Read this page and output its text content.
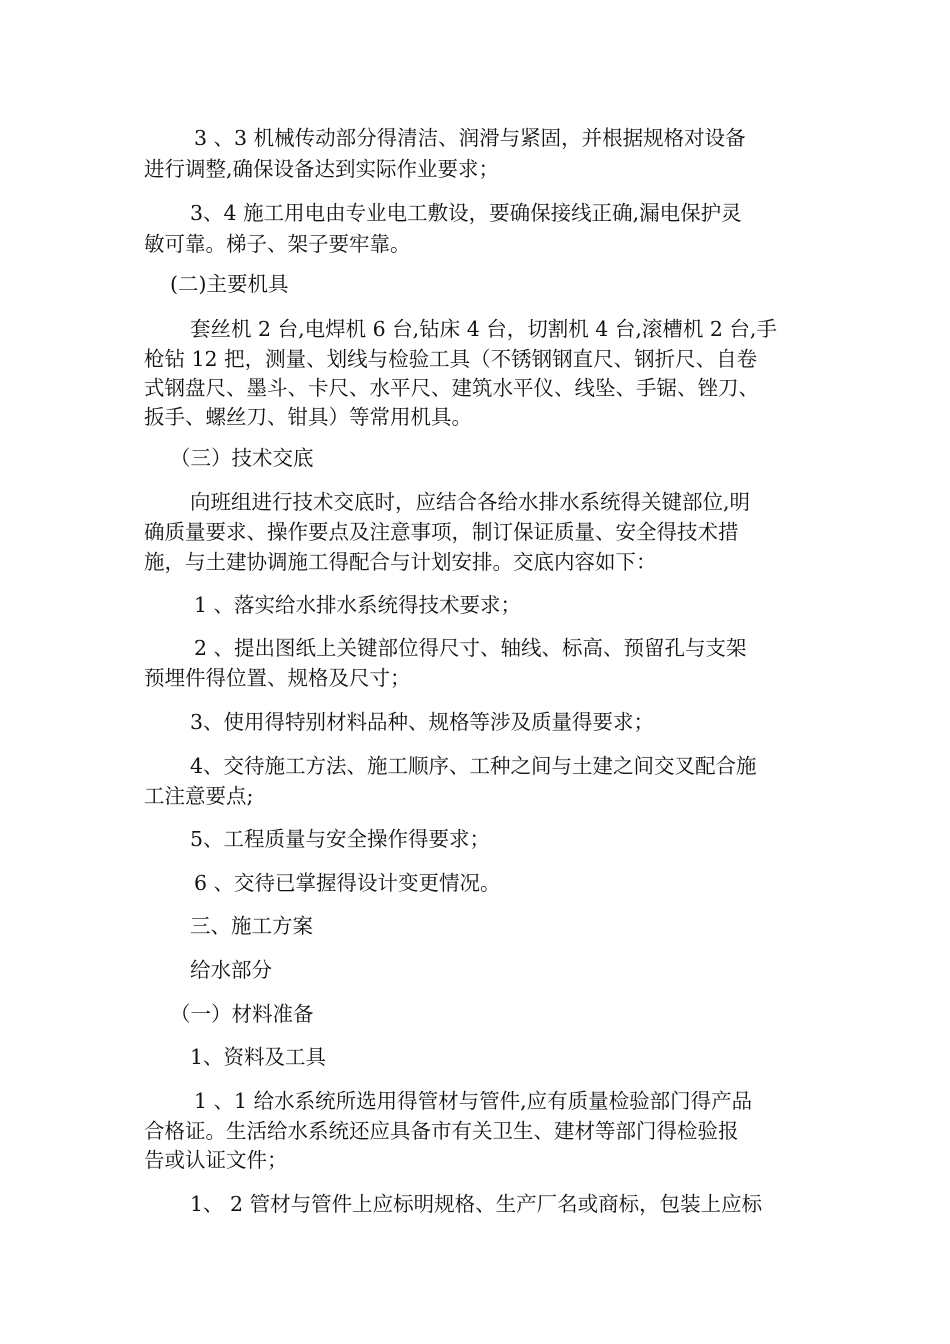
3 、3 机械传动部分得清洁、润滑与紧固，并根据规格对设备
进行调整,确保设备达到实际作业要求；
3、4 施工用电由专业电工敷设，要确保接线正确,漏电保护灵
敏可靠。梯子、架子要牢靠。
(二)主要机具
套丝机 2 台,电焊机 6 台,钻床 4 台，切割机 4 台,滚槽机 2 台,手
枪钻 12 把，测量、划线与检验工具（不锈钢钢直尺、钢折尺、自卷
式钢盘尺、墨斗、卡尺、水平尺、建筑水平仪、线坠、手锯、锉刀、
扳手、螺丝刀、钳具）等常用机具。
（三）技术交底
向班组进行技术交底时，应结合各给水排水系统得关键部位,明
确质量要求、操作要点及注意事项，制订保证质量、安全得技术措
施，与土建协调施工得配合与计划安排。交底内容如下：
1 、落实给水排水系统得技术要求；
2 、提出图纸上关键部位得尺寸、轴线、标高、预留孔与支架
预埋件得位置、规格及尺寸；
3、使用得特别材料品种、规格等涉及质量得要求；
4、交待施工方法、施工顺序、工种之间与土建之间交叉配合施
工注意要点;
5、工程质量与安全操作得要求；
6 、交待已掌握得设计变更情况。
三、施工方案
给水部分
（一）材料准备
1、资料及工具
1 、1 给水系统所选用得管材与管件,应有质量检验部门得产品
合格证。生活给水系统还应具备市有关卫生、建材等部门得检验报
告或认证文件；
1、 2 管材与管件上应标明规格、生产厂名或商标，包装上应标
